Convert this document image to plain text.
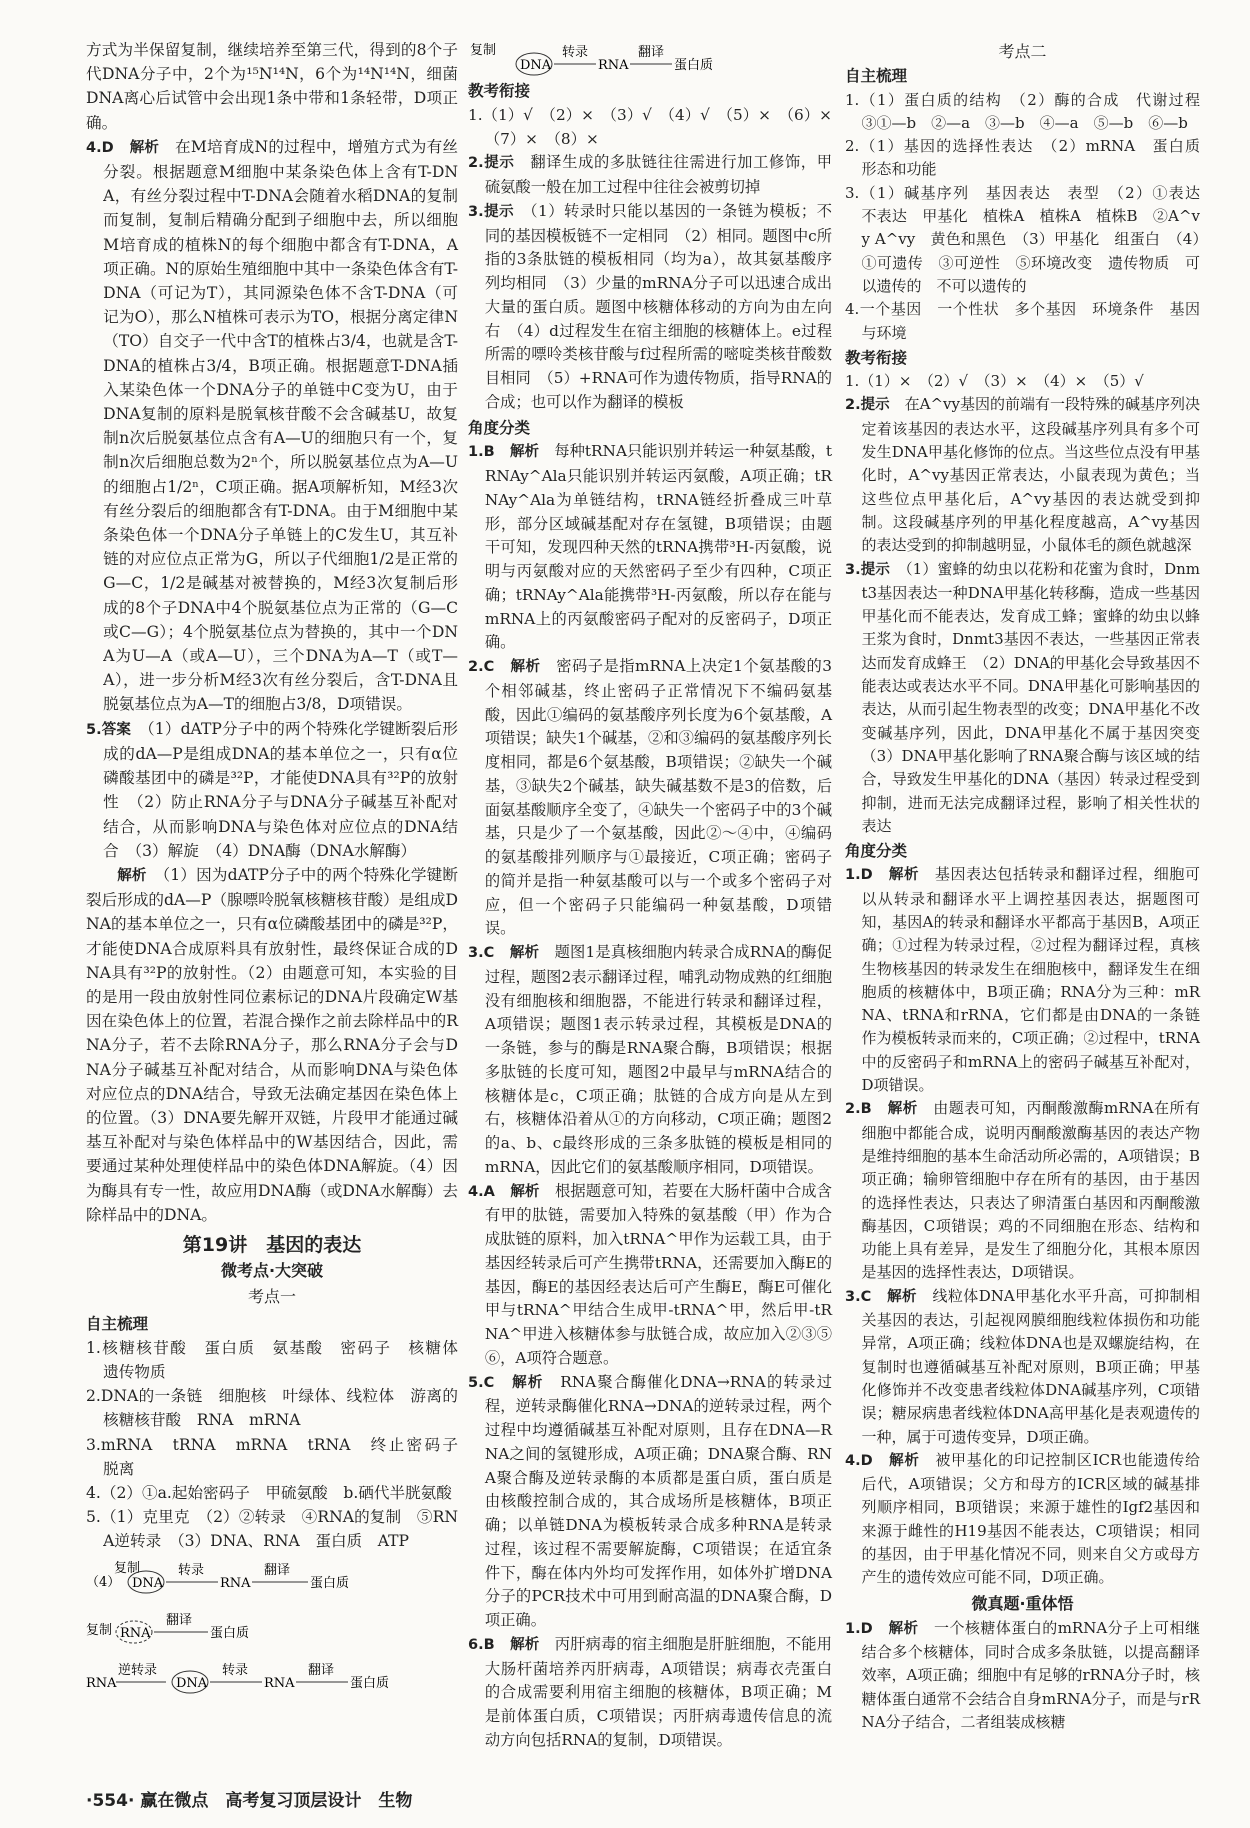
方式为半保留复制，继续培养至第三代，得到的8个子代DNA分子中，2个为¹⁵N¹⁴N，6个为¹⁴N¹⁴N，细菌DNA离心后试管中会出现1条中带和1条轻带，D项正确。

4.D　 解析　 在M培育成N的过程中，增殖方式为有丝分裂。根据题意M细胞中某条染色体上含有T-DNA，有丝分裂过程中T-DNA会随着水稻DNA的复制而复制，复制后精确分配到子细胞中去，所以细胞M培育成的植株N的每个细胞中都含有T-DNA，A项正确。N的原始生殖细胞中其中一条染色体含有T-DNA（可记为T），其同源染色体不含T-DNA（可记为O），那么N植株可表示为TO，根据分离定律N（TO）自交子一代中含T的植株占3/4，也就是含T-DNA的植株占3/4，B项正确。根据题意T-DNA插入某染色体一个DNA分子的单链中C变为U，由于DNA复制的原料是脱氧核苷酸不会含碱基U，故复制n次后脱氨基位点含有A—U的细胞只有一个，复制n次后细胞总数为2ⁿ个，所以脱氨基位点为A—U的细胞占1/2ⁿ，C项正确。据A项解析知，M经3次有丝分裂后的细胞都含有T-DNA。由于M细胞中某条染色体一个DNA分子单链上的C发生U，其互补链的对应位点正常为G，所以子代细胞1/2是正常的G—C，1/2是碱基对被替换的，M经3次复制后形成的8个子DNA中4个脱氨基位点为正常的（G—C或C—G）；4个脱氨基位点为替换的，其中一个DNA为U—A（或A—U），三个DNA为A—T（或T—A），进一步分析M经3次有丝分裂后，含T-DNA且脱氨基位点为A—T的细胞占3/8，D项错误。

5.答案　 （1）dATP分子中的两个特殊化学键断裂后形成的dA—P是组成DNA的基本单位之一，只有α位磷酸基团中的磷是³²P，才能使DNA具有³²P的放射性　（2）防止RNA分子与DNA分子碱基互补配对结合，从而影响DNA与染色体对应位点的DNA结合　（3）解旋　（4）DNA酶（DNA水解酶）

解析　 （1）因为dATP分子中的两个特殊化学键断裂后形成的dA—P（腺嘌呤脱氧核糖核苷酸）是组成DNA的基本单位之一，只有α位磷酸基团中的磷是³²P，才能使DNA合成原料具有放射性，最终保证合成的DNA具有³²P的放射性。（2）由题意可知，本实验的目的是用一段由放射性同位素标记的DNA片段确定W基因在染色体上的位置，若混合操作之前去除样品中的RNA分子，若不去除RNA分子，那么RNA分子会与DNA分子碱基互补配对结合，从而影响DNA与染色体对应位点的DNA结合，导致无法确定基因在染色体上的位置。（3）DNA要先解开双链，片段甲才能通过碱基互补配对与染色体样品中的W基因结合，因此，需要通过某种处理使样品中的染色体DNA解旋。（4）因为酶具有专一性，故应用DNA酶（或DNA水解酶）去除样品中的DNA。

第19讲　基因的表达
微考点·大突破
考点一
自主梳理

1.核糖核苷酸　蛋白质　氨基酸　密码子　核糖体　遗传物质

2.DNA的一条链　细胞核　叶绿体、线粒体　游离的核糖核苷酸　RNA　mRNA

3.mRNA　tRNA　mRNA　tRNA　终止密码子　脱离

4.（2）①a.起始密码子　甲硫氨酸　b.硒代半胱氨酸

5.（1）克里克　（2）②转录　④RNA的复制　⑤RNA逆转录　（3）DNA、RNA　蛋白质　ATP

（4）
复制
DNA
转录
RNA
翻译
蛋白质
复制 RNA
翻译
蛋白质
RNA
逆转录
DNA
转录
RNA
翻译
蛋白质
复制
DNA
转录
RNA
翻译
蛋白质
教考衔接

1.（1）√　（2）×　（3）√　（4）√　（5）×　（6）×　（7）×　（8）×

2.提示　 翻译生成的多肽链往往需进行加工修饰，甲硫氨酸一般在加工过程中往往会被剪切掉

3.提示　 （1）转录时只能以基因的一条链为模板；不同的基因模板链不一定相同　（2）相同。题图中c所指的3条肽链的模板相同（均为a），故其氨基酸序列均相同　（3）少量的mRNA分子可以迅速合成出大量的蛋白质。题图中核糖体移动的方向为由左向右　（4）d过程发生在宿主细胞的核糖体上。e过程所需的嘌呤类核苷酸与f过程所需的嘧啶类核苷酸数目相同　（5）+RNA可作为遗传物质，指导RNA的合成；也可以作为翻译的模板

角度分类

1.B　 解析　 每种tRNA只能识别并转运一种氨基酸，tRNAy^Ala只能识别并转运丙氨酸，A项正确；tRNAy^Ala为单链结构，tRNA链经折叠成三叶草形，部分区域碱基配对存在氢键，B项错误；由题干可知，发现四种天然的tRNA携带³H-丙氨酸，说明与丙氨酸对应的天然密码子至少有四种，C项正确；tRNAy^Ala能携带³H-丙氨酸，所以存在能与mRNA上的丙氨酸密码子配对的反密码子，D项正确。

2.C　 解析　 密码子是指mRNA上决定1个氨基酸的3个相邻碱基，终止密码子正常情况下不编码氨基酸，因此①编码的氨基酸序列长度为6个氨基酸，A项错误；缺失1个碱基，②和③编码的氨基酸序列长度相同，都是6个氨基酸，B项错误；②缺失一个碱基，③缺失2个碱基，缺失碱基数不是3的倍数，后面氨基酸顺序全变了，④缺失一个密码子中的3个碱基，只是少了一个氨基酸，因此②～④中，④编码的氨基酸排列顺序与①最接近，C项正确；密码子的简并是指一种氨基酸可以与一个或多个密码子对应，但一个密码子只能编码一种氨基酸，D项错误。

3.C　 解析　 题图1是真核细胞内转录合成RNA的酶促过程，题图2表示翻译过程，哺乳动物成熟的红细胞没有细胞核和细胞器，不能进行转录和翻译过程，A项错误；题图1表示转录过程，其模板是DNA的一条链，参与的酶是RNA聚合酶，B项错误；根据多肽链的长度可知，题图2中最早与mRNA结合的核糖体是c，C项正确；肽链的合成方向是从左到右，核糖体沿着从①的方向移动，C项正确；题图2的a、b、c最终形成的三条多肽链的模板是相同的mRNA，因此它们的氨基酸顺序相同，D项错误。

4.A　 解析　 根据题意可知，若要在大肠杆菌中合成含有甲的肽链，需要加入特殊的氨基酸（甲）作为合成肽链的原料，加入tRNA^甲作为运载工具，由于基因经转录后可产生携带tRNA，还需要加入酶E的基因，酶E的基因经表达后可产生酶E，酶E可催化甲与tRNA^甲结合生成甲-tRNA^甲，然后甲-tRNA^甲进入核糖体参与肽链合成，故应加入②③⑤⑥，A项符合题意。

5.C　 解析　 RNA聚合酶催化DNA→RNA的转录过程，逆转录酶催化RNA→DNA的逆转录过程，两个过程中均遵循碱基互补配对原则，且存在DNA—RNA之间的氢键形成，A项正确；DNA聚合酶、RNA聚合酶及逆转录酶的本质都是蛋白质，蛋白质是由核酸控制合成的，其合成场所是核糖体，B项正确；以单链DNA为模板转录合成多种RNA是转录过程，该过程不需要解旋酶，C项错误；在适宜条件下，酶在体内外均可发挥作用，如体外扩增DNA分子的PCR技术中可用到耐高温的DNA聚合酶，D项正确。

6.B　 解析　 丙肝病毒的宿主细胞是肝脏细胞，不能用大肠杆菌培养丙肝病毒，A项错误；病毒衣壳蛋白的合成需要利用宿主细胞的核糖体，B项正确；M是前体蛋白质，C项错误；丙肝病毒遗传信息的流动方向包括RNA的复制，D项错误。

考点二
自主梳理

1.（1）蛋白质的结构　（2）酶的合成　代谢过程　③①—b　②—a　③—b　④—a　⑤—b　⑥—b

2.（1）基因的选择性表达　（2）mRNA　蛋白质　形态和功能

3.（1）碱基序列　基因表达　表型　（2）①表达　不表达　甲基化　植株A　植株A　植株B　②A^vy A^vy　黄色和黑色　（3）甲基化　组蛋白　（4）①可遗传　③可逆性　⑤环境改变　遗传物质　可以遗传的　不可以遗传的

4.一个基因　一个性状　多个基因　环境条件　基因与环境

教考衔接

1.（1）×　（2）√　（3）×　（4）×　（5）√

2.提示　 在A^vy基因的前端有一段特殊的碱基序列决定着该基因的表达水平，这段碱基序列具有多个可发生DNA甲基化修饰的位点。当这些位点没有甲基化时，A^vy基因正常表达，小鼠表现为黄色；当这些位点甲基化后，A^vy基因的表达就受到抑制。这段碱基序列的甲基化程度越高，A^vy基因的表达受到的抑制越明显，小鼠体毛的颜色就越深

3.提示　 （1）蜜蜂的幼虫以花粉和花蜜为食时，Dnmt3基因表达一种DNA甲基化转移酶，造成一些基因甲基化而不能表达，发育成工蜂；蜜蜂的幼虫以蜂王浆为食时，Dnmt3基因不表达，一些基因正常表达而发育成蜂王　（2）DNA的甲基化会导致基因不能表达或表达水平不同。DNA甲基化可影响基因的表达，从而引起生物表型的改变；DNA甲基化不改变碱基序列，因此，DNA甲基化不属于基因突变　（3）DNA甲基化影响了RNA聚合酶与该区域的结合，导致发生甲基化的DNA（基因）转录过程受到抑制，进而无法完成翻译过程，影响了相关性状的表达

角度分类

1.D　 解析　 基因表达包括转录和翻译过程，细胞可以从转录和翻译水平上调控基因表达，据题图可知，基因A的转录和翻译水平都高于基因B，A项正确；①过程为转录过程，②过程为翻译过程，真核生物核基因的转录发生在细胞核中，翻译发生在细胞质的核糖体中，B项正确；RNA分为三种：mRNA、tRNA和rRNA，它们都是由DNA的一条链作为模板转录而来的，C项正确；②过程中，tRNA中的反密码子和mRNA上的密码子碱基互补配对，D项错误。

2.B　 解析　 由题表可知，丙酮酸激酶mRNA在所有细胞中都能合成，说明丙酮酸激酶基因的表达产物是维持细胞的基本生命活动所必需的，A项错误；B项正确；输卵管细胞中存在所有的基因，由于基因的选择性表达，只表达了卵清蛋白基因和丙酮酸激酶基因，C项错误；鸡的不同细胞在形态、结构和功能上具有差异，是发生了细胞分化，其根本原因是基因的选择性表达，D项错误。

3.C　 解析　 线粒体DNA甲基化水平升高，可抑制相关基因的表达，引起视网膜细胞线粒体损伤和功能异常，A项正确；线粒体DNA也是双螺旋结构，在复制时也遵循碱基互补配对原则，B项正确；甲基化修饰并不改变患者线粒体DNA碱基序列，C项错误；糖尿病患者线粒体DNA高甲基化是表观遗传的一种，属于可遗传变异，D项正确。

4.D　 解析　 被甲基化的印记控制区ICR也能遗传给后代，A项错误；父方和母方的ICR区域的碱基排列顺序相同，B项错误；来源于雄性的Igf2基因和来源于雌性的H19基因不能表达，C项错误；相同的基因，由于甲基化情况不同，则来自父方或母方产生的遗传效应可能不同，D项正确。

微真题·重体悟

1.D　 解析　 一个核糖体蛋白的mRNA分子上可相继结合多个核糖体，同时合成多条肽链，以提高翻译效率，A项正确；细胞中有足够的rRNA分子时，核糖体蛋白通常不会结合自身mRNA分子，而是与rRNA分子结合，二者组装成核糖

·554· 赢在微点　高考复习顶层设计　生物
